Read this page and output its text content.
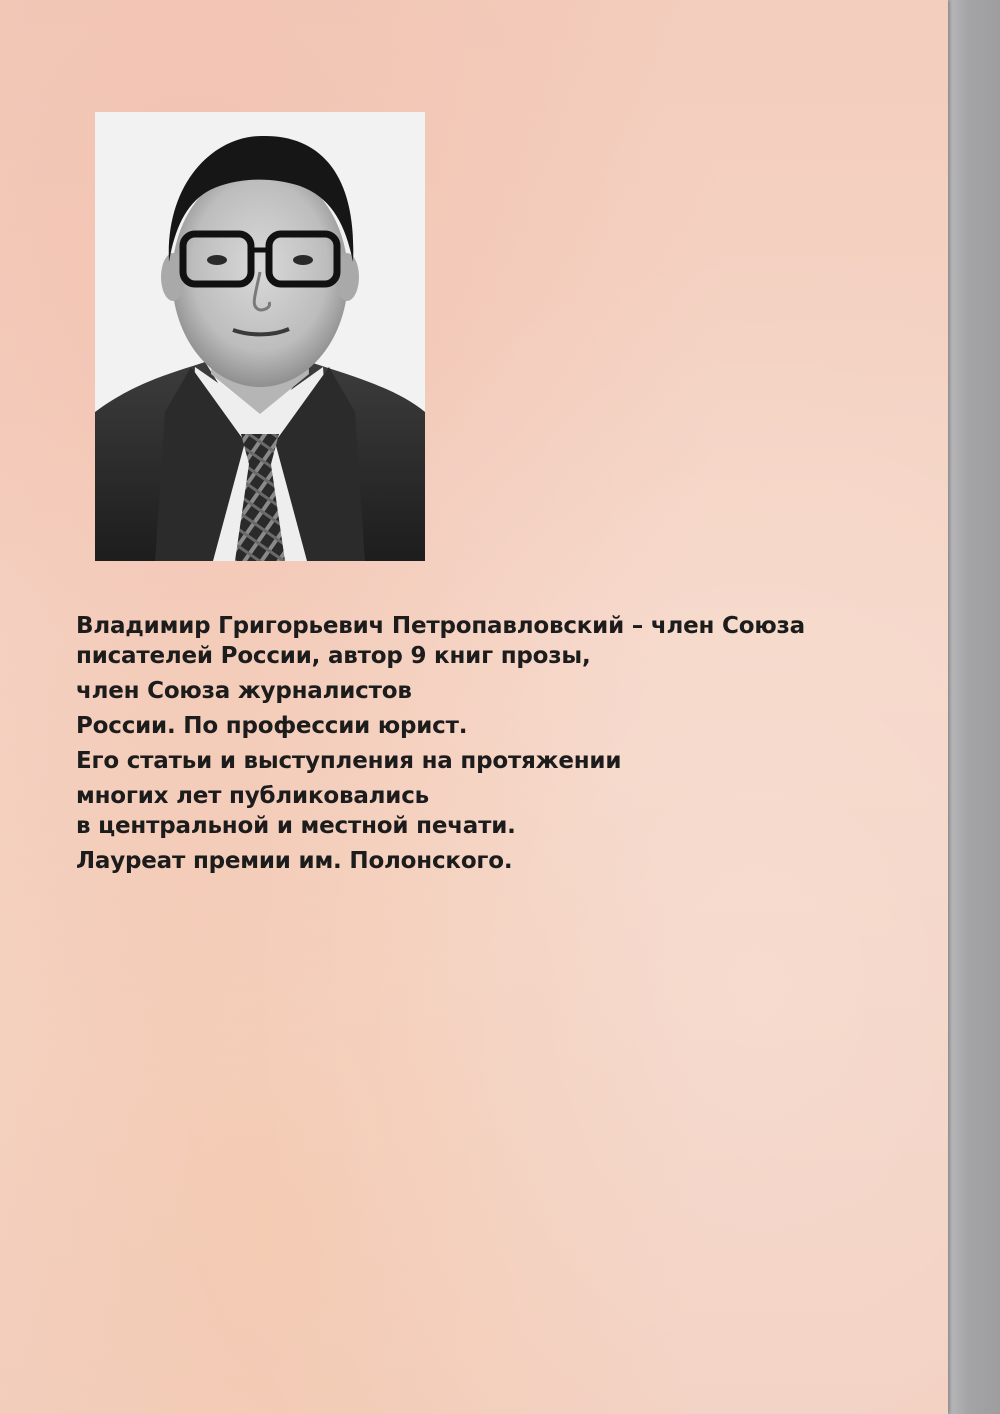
Владимир Григорьевич Петропавловский – член Союза
писателей России, автор 9 книг прозы,
член Союза журналистов
России. По профессии юрист.
Его статьи и выступления на протяжении
многих лет публиковались
в центральной и местной печати.
Лауреат премии им. Полонского.
